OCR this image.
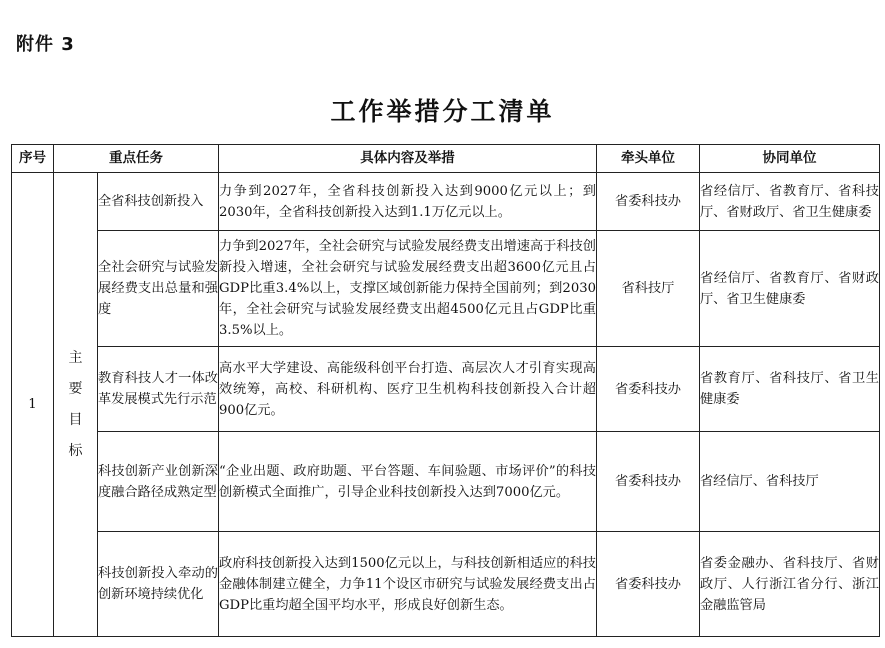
附件 3
工作举措分工清单
序号	重点任务		具体内容及举措	牵头单位	协同单位
1	主要目标	全省科技创新投入	力争到2027年，全省科技创新投入达到9000亿元以上；到2030年，全省科技创新投入达到1.1万亿元以上。	省委科技办	省经信厅、省教育厅、省科技厅、省财政厅、省卫生健康委
		全社会研究与试验发展经费支出总量和强度	力争到2027年，全社会研究与试验发展经费支出增速高于科技创新投入增速，全社会研究与试验发展经费支出超3600亿元且占GDP比重3.4%以上，支撑区域创新能力保持全国前列；到2030年，全社会研究与试验发展经费支出超4500亿元且占GDP比重3.5%以上。	省科技厅	省经信厅、省教育厅、省财政厅、省卫生健康委
		教育科技人才一体改革发展模式先行示范	高水平大学建设、高能级科创平台打造、高层次人才引育实现高效统筹，高校、科研机构、医疗卫生机构科技创新投入合计超900亿元。	省委科技办	省教育厅、省科技厅、省卫生健康委
		科技创新产业创新深度融合路径成熟定型	“企业出题、政府助题、平台答题、车间验题、市场评价”的科技创新模式全面推广，引导企业科技创新投入达到7000亿元。	省委科技办	省经信厅、省科技厅
		科技创新投入牵动的创新环境持续优化	政府科技创新投入达到1500亿元以上，与科技创新相适应的科技金融体制建立健全，力争11个设区市研究与试验发展经费支出占GDP比重均超全国平均水平，形成良好创新生态。	省委科技办	省委金融办、省科技厅、省财政厅、人行浙江省分行、浙江金融监管局
